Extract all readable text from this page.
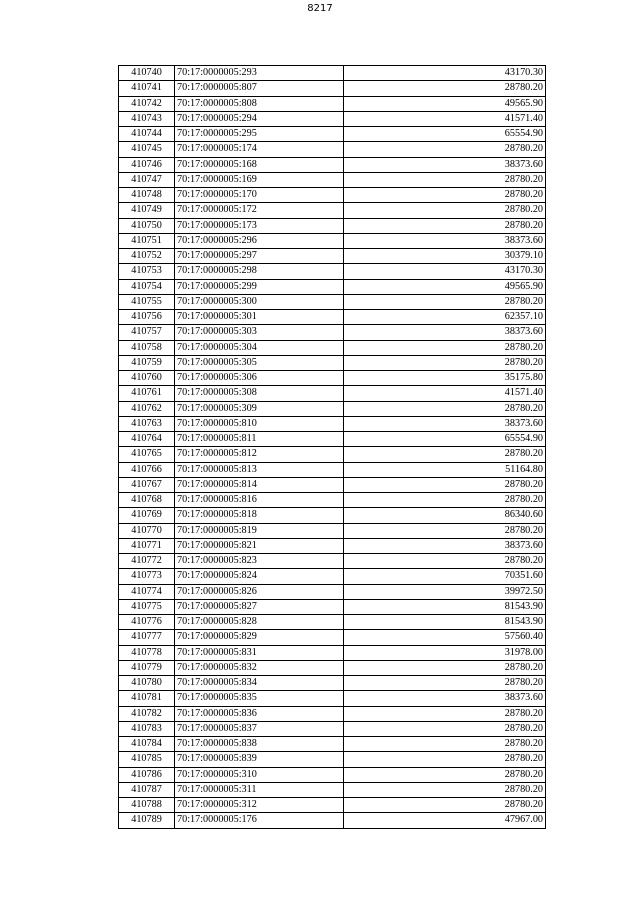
8217
410740	70:17:0000005:293	43170.30
410741	70:17:0000005:807	28780.20
410742	70:17:0000005:808	49565.90
410743	70:17:0000005:294	41571.40
410744	70:17:0000005:295	65554.90
410745	70:17:0000005:174	28780.20
410746	70:17:0000005:168	38373.60
410747	70:17:0000005:169	28780.20
410748	70:17:0000005:170	28780.20
410749	70:17:0000005:172	28780.20
410750	70:17:0000005:173	28780.20
410751	70:17:0000005:296	38373.60
410752	70:17:0000005:297	30379.10
410753	70:17:0000005:298	43170.30
410754	70:17:0000005:299	49565.90
410755	70:17:0000005:300	28780.20
410756	70:17:0000005:301	62357.10
410757	70:17:0000005:303	38373.60
410758	70:17:0000005:304	28780.20
410759	70:17:0000005:305	28780.20
410760	70:17:0000005:306	35175.80
410761	70:17:0000005:308	41571.40
410762	70:17:0000005:309	28780.20
410763	70:17:0000005:810	38373.60
410764	70:17:0000005:811	65554.90
410765	70:17:0000005:812	28780.20
410766	70:17:0000005:813	51164.80
410767	70:17:0000005:814	28780.20
410768	70:17:0000005:816	28780.20
410769	70:17:0000005:818	86340.60
410770	70:17:0000005:819	28780.20
410771	70:17:0000005:821	38373.60
410772	70:17:0000005:823	28780.20
410773	70:17:0000005:824	70351.60
410774	70:17:0000005:826	39972.50
410775	70:17:0000005:827	81543.90
410776	70:17:0000005:828	81543.90
410777	70:17:0000005:829	57560.40
410778	70:17:0000005:831	31978.00
410779	70:17:0000005:832	28780.20
410780	70:17:0000005:834	28780.20
410781	70:17:0000005:835	38373.60
410782	70:17:0000005:836	28780.20
410783	70:17:0000005:837	28780.20
410784	70:17:0000005:838	28780.20
410785	70:17:0000005:839	28780.20
410786	70:17:0000005:310	28780.20
410787	70:17:0000005:311	28780.20
410788	70:17:0000005:312	28780.20
410789	70:17:0000005:176	47967.00
